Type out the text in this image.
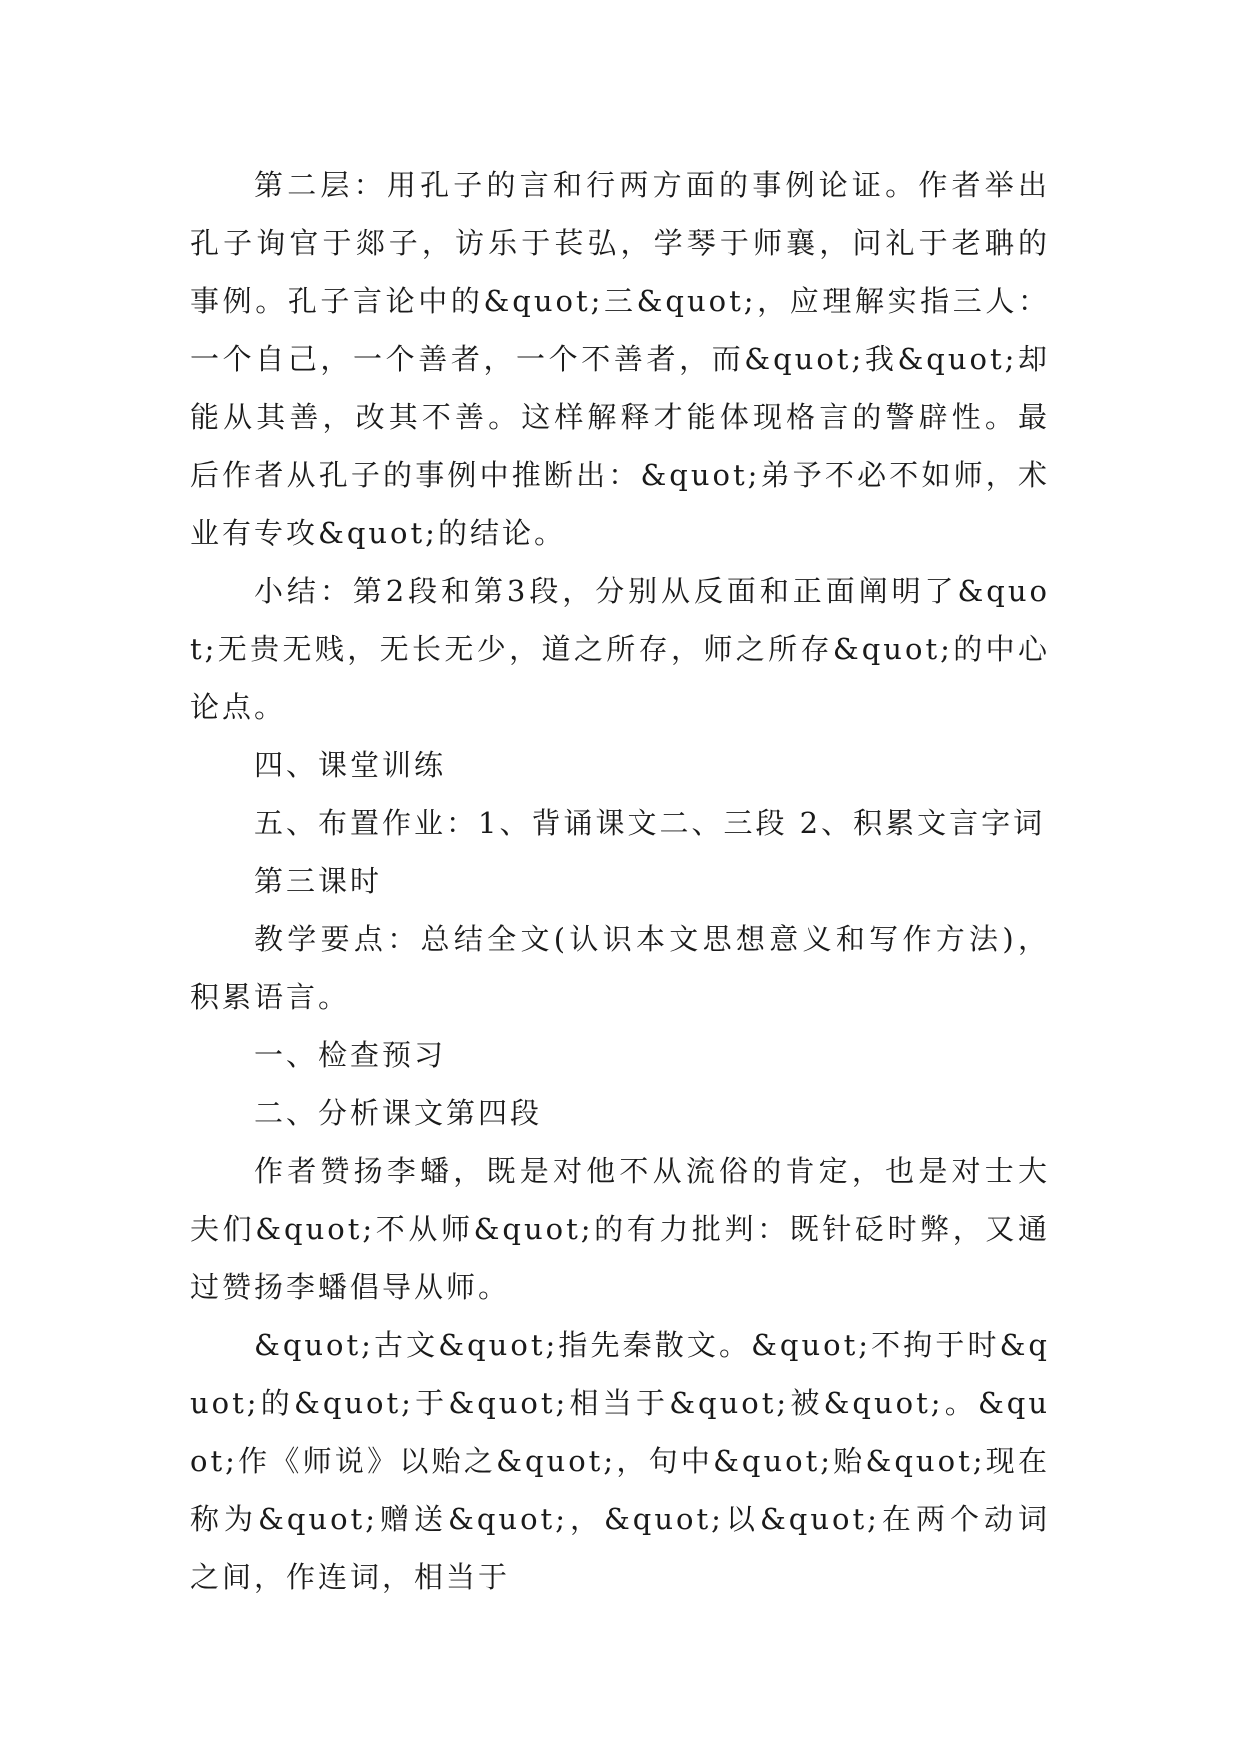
第二层：用孔子的言和行两方面的事例论证。作者举出孔子询官于郯子，访乐于苌弘，学琴于师襄，问礼于老聃的事例。孔子言论中的&quot;三&quot;，应理解实指三人：一个自己，一个善者，一个不善者，而&quot;我&quot;却能从其善，改其不善。这样解释才能体现格言的警辟性。最后作者从孔子的事例中推断出：&quot;弟予不必不如师，术业有专攻&quot;的结论。

小结：第2段和第3段，分别从反面和正面阐明了&quot;无贵无贱，无长无少，道之所存，师之所存&quot;的中心论点。

四、课堂训练

五、布置作业：1、背诵课文二、三段 2、积累文言字词

第三课时

教学要点：总结全文(认识本文思想意义和写作方法)，积累语言。

一、检查预习

二、分析课文第四段

作者赞扬李蟠，既是对他不从流俗的肯定，也是对士大夫们&quot;不从师&quot;的有力批判：既针砭时弊，又通过赞扬李蟠倡导从师。

&quot;古文&quot;指先秦散文。&quot;不拘于时&quot;的&quot;于&quot;相当于&quot;被&quot;。&quot;作《师说》以贻之&quot;，句中&quot;贻&quot;现在称为&quot;赠送&quot;，&quot;以&quot;在两个动词之间，作连词，相当于
